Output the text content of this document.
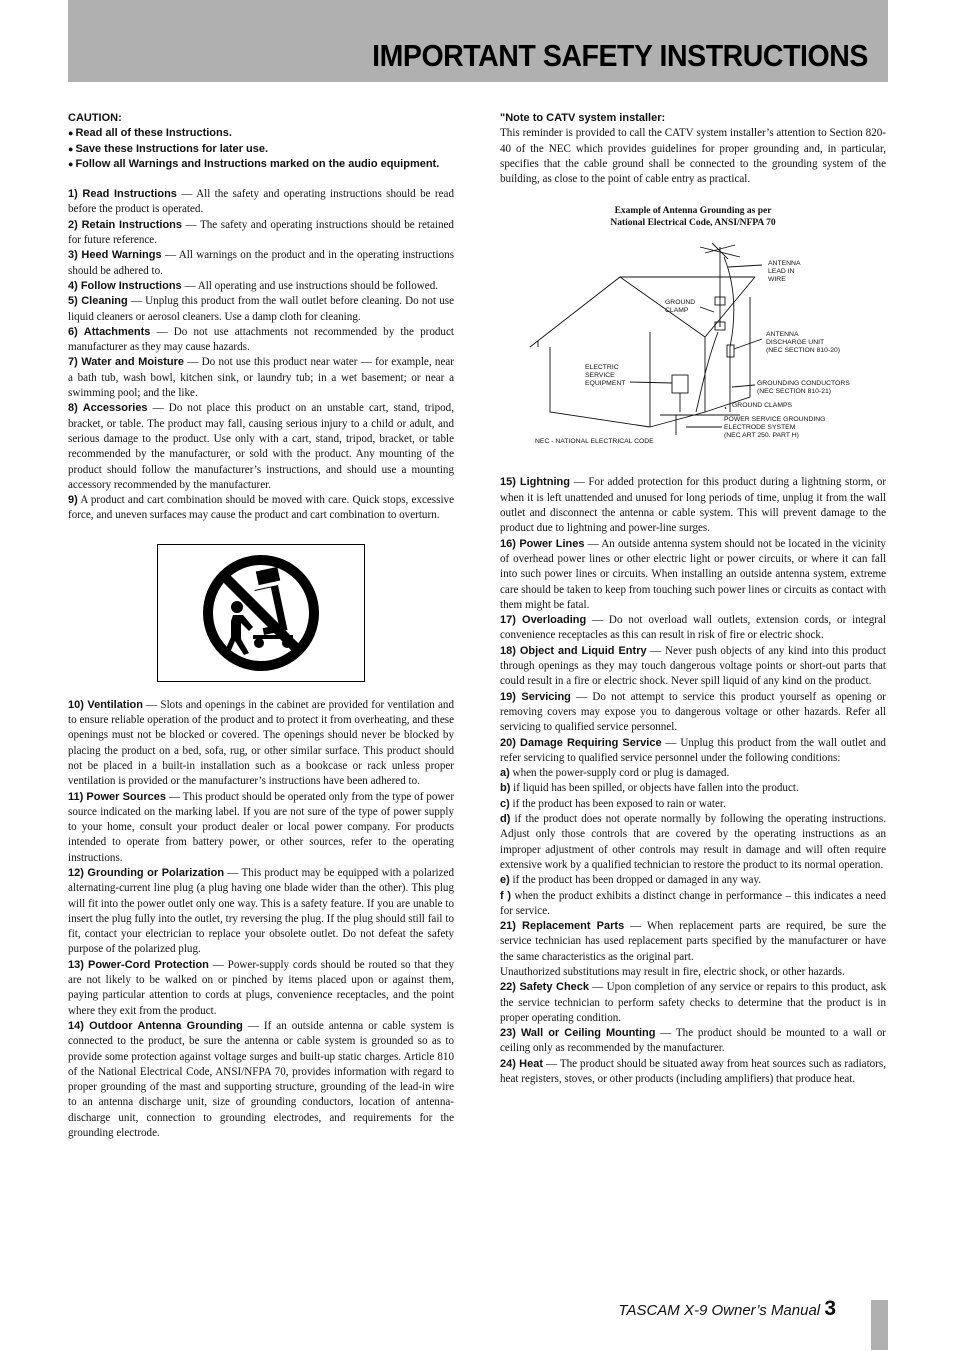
IMPORTANT SAFETY INSTRUCTIONS

CAUTION:

● Read all of these Instructions.

● Save these Instructions for later use.

● Follow all Warnings and Instructions marked on the audio equipment.

1) Read Instructions — All the safety and operating instructions should be read before the product is operated.

2) Retain Instructions — The safety and operating instructions should be retained for future reference.

3) Heed Warnings — All warnings on the product and in the operating instructions should be adhered to.

4) Follow Instructions — All operating and use instructions should be followed.

5) Cleaning — Unplug this product from the wall outlet before cleaning. Do not use liquid cleaners or aerosol cleaners. Use a damp cloth for cleaning.

6) Attachments — Do not use attachments not recommended by the product manufacturer as they may cause hazards.

7) Water and Moisture — Do not use this product near water — for example, near a bath tub, wash bowl, kitchen sink, or laundry tub; in a wet basement; or near a swimming pool; and the like.

8) Accessories — Do not place this product on an unstable cart, stand, tripod, bracket, or table. The product may fall, causing serious injury to a child or adult, and serious damage to the product. Use only with a cart, stand, tripod, bracket, or table recommended by the manufacturer, or sold with the product. Any mounting of the product should follow the manufacturer’s instructions, and should use a mounting accessory recommended by the manufacturer.

9) A product and cart combination should be moved with care. Quick stops, excessive force, and uneven surfaces may cause the product and cart combination to overturn.

10) Ventilation — Slots and openings in the cabinet are provided for ventilation and to ensure reliable operation of the product and to protect it from overheating, and these openings must not be blocked or covered. The openings should never be blocked by placing the product on a bed, sofa, rug, or other similar surface. This product should not be placed in a built-in installation such as a bookcase or rack unless proper ventilation is provided or the manufacturer’s instructions have been adhered to.

11) Power Sources — This product should be operated only from the type of power source indicated on the marking label. If you are not sure of the type of power supply to your home, consult your product dealer or local power company. For products intended to operate from battery power, or other sources, refer to the operating instructions.

12) Grounding or Polarization — This product may be equipped with a polarized alternating-current line plug (a plug having one blade wider than the other). This plug will fit into the power outlet only one way. This is a safety feature. If you are unable to insert the plug fully into the outlet, try reversing the plug. If the plug should still fail to fit, contact your electrician to replace your obsolete outlet. Do not defeat the safety purpose of the polarized plug.

13) Power-Cord Protection — Power-supply cords should be routed so that they are not likely to be walked on or pinched by items placed upon or against them, paying particular attention to cords at plugs, convenience receptacles, and the point where they exit from the product.

14) Outdoor Antenna Grounding — If an outside antenna or cable system is connected to the product, be sure the antenna or cable system is grounded so as to provide some protection against voltage surges and built-up static charges. Article 810 of the National Electrical Code, ANSI/NFPA 70, provides information with regard to proper grounding of the mast and supporting structure, grounding of the lead-in wire to an antenna discharge unit, size of grounding conductors, location of antenna-discharge unit, connection to grounding electrodes, and requirements for the grounding electrode.

"Note to CATV system installer:

This reminder is provided to call the CATV system installer’s attention to Section 820-40 of the NEC which provides guidelines for proper grounding and, in particular, specifies that the cable ground shall be connected to the grounding system of the building, as close to the point of cable entry as practical.

Example of Antenna Grounding as per
National Electrical Code, ANSI/NFPA 70
ANTENNA
LEAD IN
WIRE
GROUND
CLAMP
ANTENNA
DISCHARGE UNIT
(NEC SECTION 810-20)
ELECTRIC
SERVICE
EQUIPMENT	GROUNDING CONDUCTORS
(NEC SECTION 810-21)
GROUND CLAMPS
POWER SERVICE GROUNDING
ELECTRODE SYSTEM
(NEC ART 250. PART H)
NEC - NATIONAL ELECTRICAL CODE

15) Lightning — For added protection for this product during a lightning storm, or when it is left unattended and unused for long periods of time, unplug it from the wall outlet and disconnect the antenna or cable system. This will prevent damage to the product due to lightning and power-line surges.

16) Power Lines — An outside antenna system should not be located in the vicinity of overhead power lines or other electric light or power circuits, or where it can fall into such power lines or circuits. When installing an outside antenna system, extreme care should be taken to keep from touching such power lines or circuits as contact with them might be fatal.

17) Overloading — Do not overload wall outlets, extension cords, or integral convenience receptacles as this can result in risk of fire or electric shock.

18) Object and Liquid Entry — Never push objects of any kind into this product through openings as they may touch dangerous voltage points or short-out parts that could result in a fire or electric shock. Never spill liquid of any kind on the product.

19) Servicing — Do not attempt to service this product yourself as opening or removing covers may expose you to dangerous voltage or other hazards. Refer all servicing to qualified service personnel.

20) Damage Requiring Service — Unplug this product from the wall outlet and refer servicing to qualified service personnel under the following conditions:

a) when the power-supply cord or plug is damaged.

b) if liquid has been spilled, or objects have fallen into the product.

c) if the product has been exposed to rain or water.

d) if the product does not operate normally by following the operating instructions. Adjust only those controls that are covered by the operating instructions as an improper adjustment of other controls may result in damage and will often require extensive work by a qualified technician to restore the product to its normal operation.

e) if the product has been dropped or damaged in any way.

f ) when the product exhibits a distinct change in performance – this indicates a need for service.

21) Replacement Parts — When replacement parts are required, be sure the service technician has used replacement parts specified by the manufacturer or have the same characteristics as the original part.

Unauthorized substitutions may result in fire, electric shock, or other hazards.

22) Safety Check — Upon completion of any service or repairs to this product, ask the service technician to perform safety checks to determine that the product is in proper operating condition.

23) Wall or Ceiling Mounting — The product should be mounted to a wall or ceiling only as recommended by the manufacturer.

24) Heat — The product should be situated away from heat sources such as radiators, heat registers, stoves, or other products (including amplifiers) that produce heat.

TASCAM X-9 Owner’s Manual 3
